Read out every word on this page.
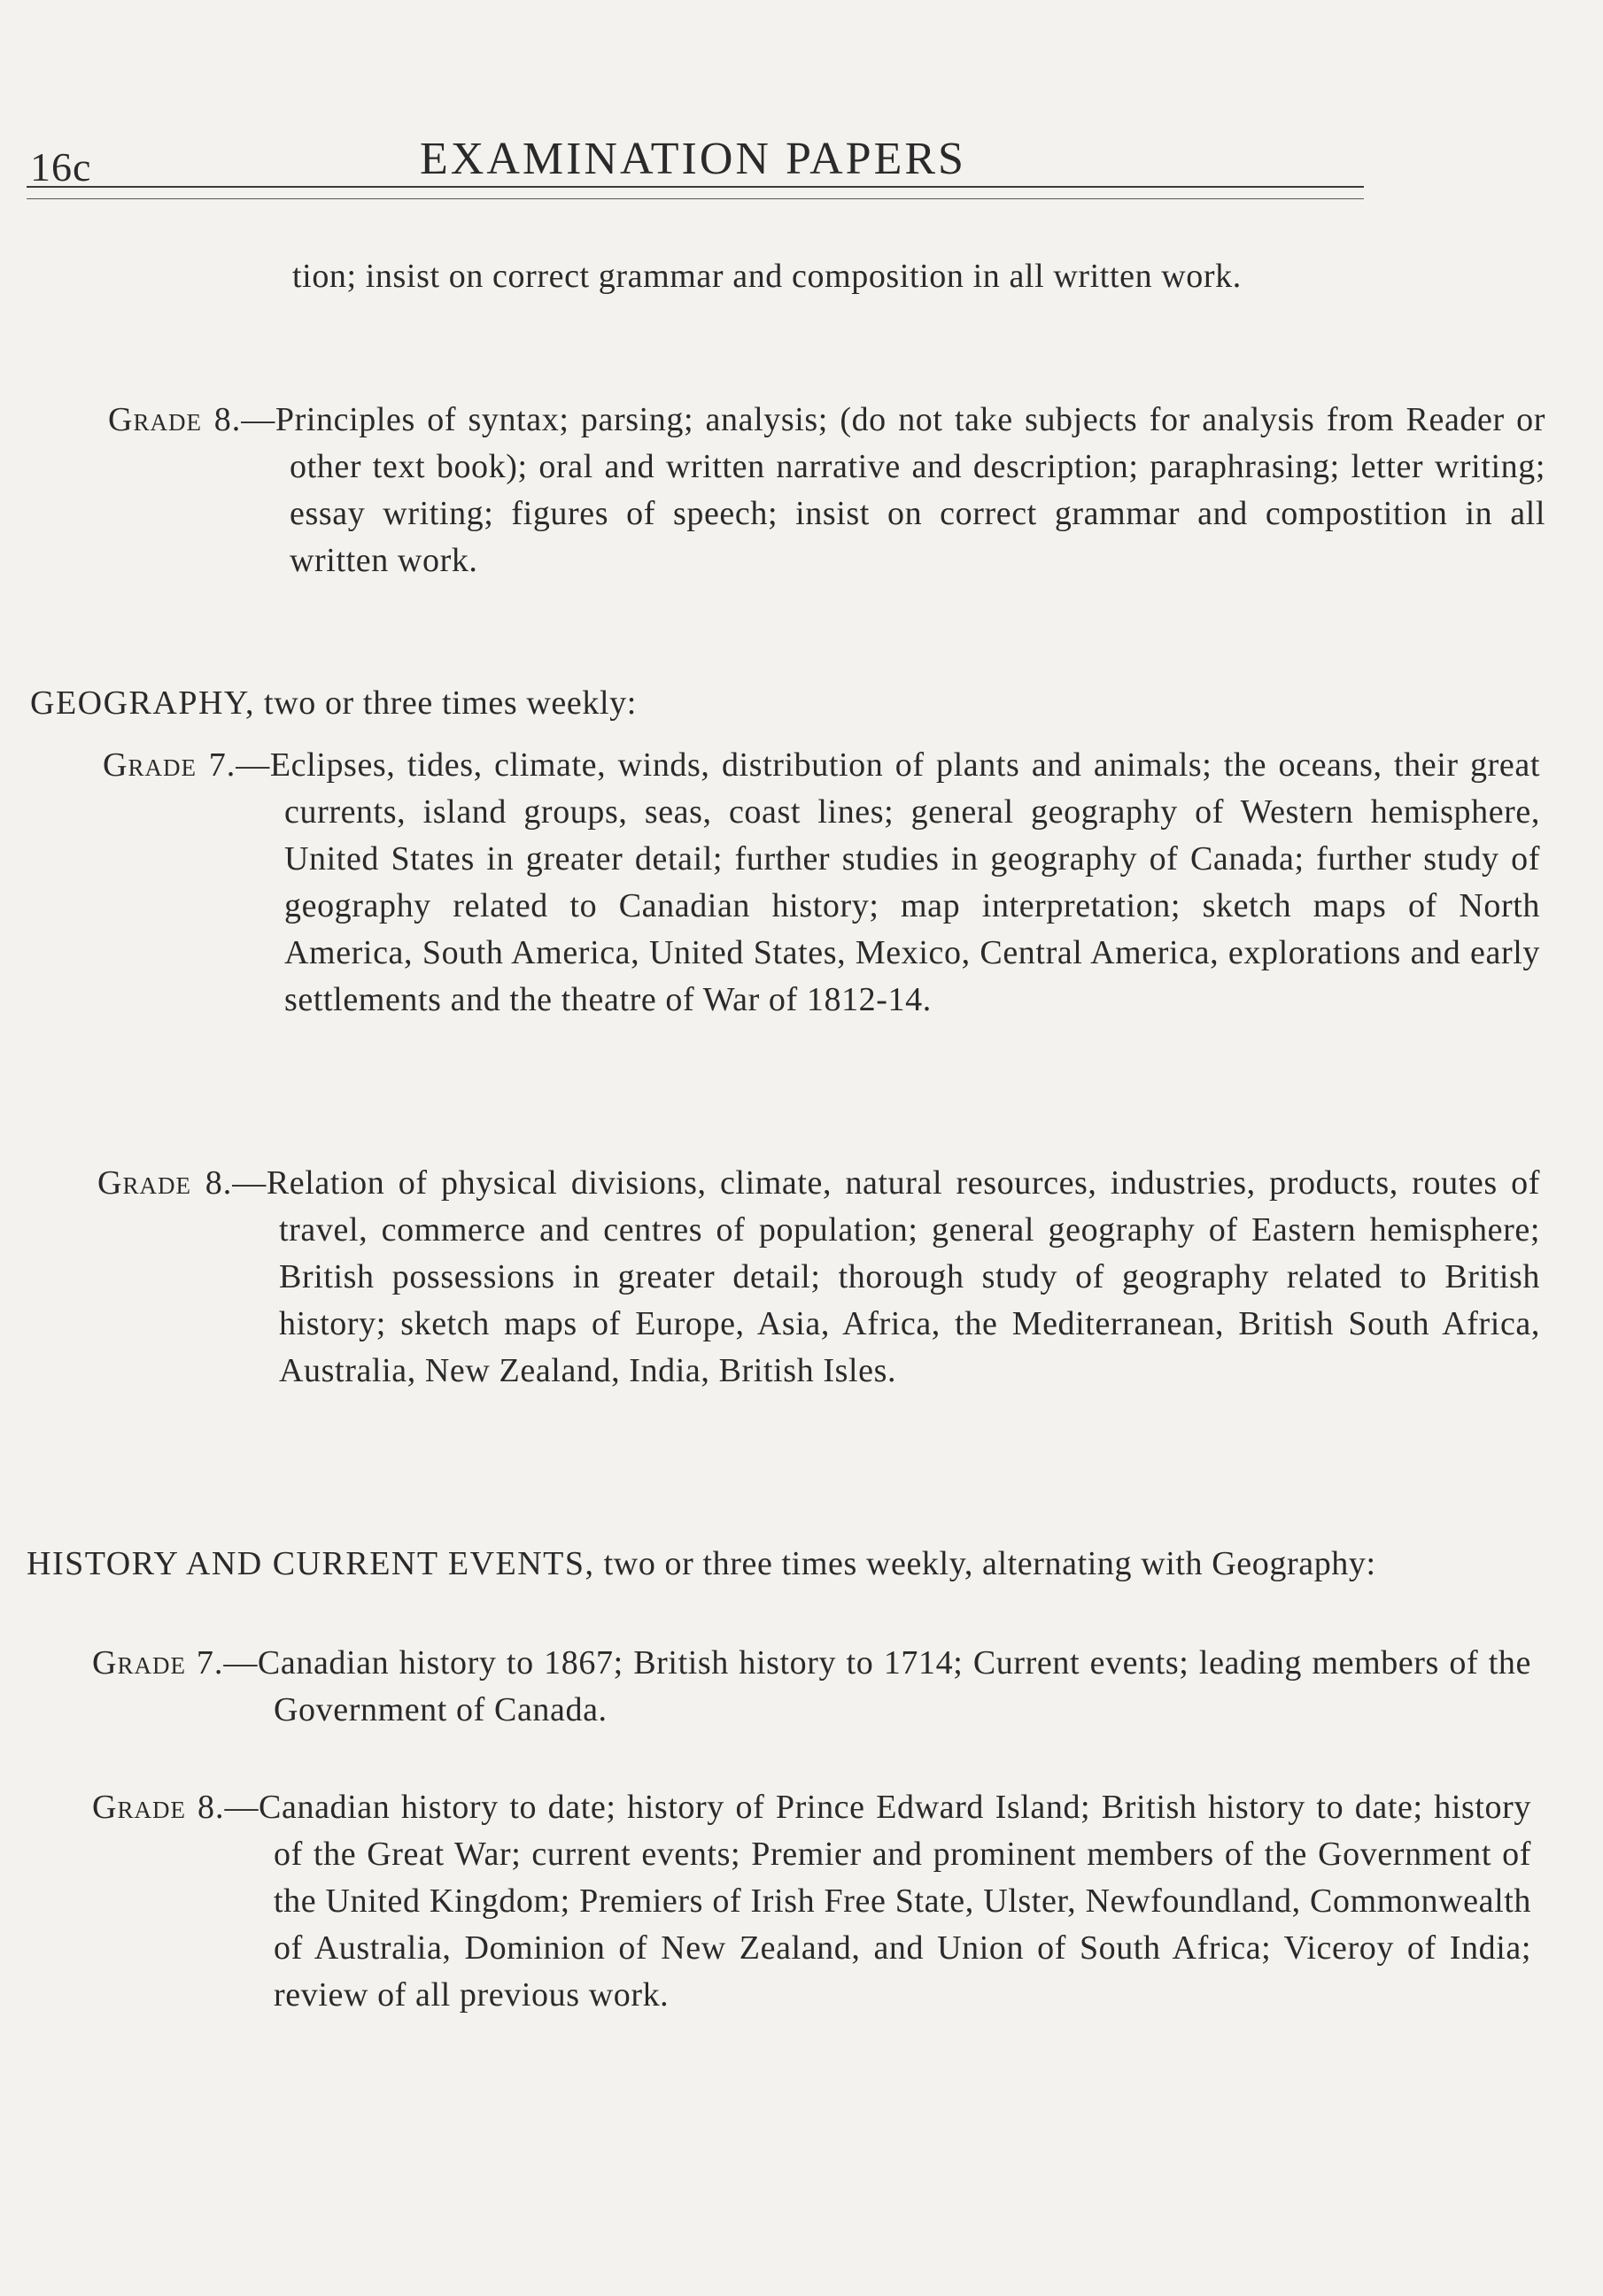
16c	EXAMINATION PAPERS
tion; insist on correct grammar and composition in all written work.
Grade 8.—Principles of syntax; parsing; analysis; (do not take subjects for analysis from Reader or other text book); oral and written narrative and description; paraphrasing; letter writing; essay writing; figures of speech; insist on correct grammar and compostition in all written work.
GEOGRAPHY, two or three times weekly:
Grade 7.—Eclipses, tides, climate, winds, distribution of plants and animals; the oceans, their great currents, island groups, seas, coast lines; general geography of Western hemisphere, United States in greater detail; further studies in geography of Canada; further study of geography related to Canadian history; map interpretation; sketch maps of North America, South America, United States, Mexico, Central America, explorations and early settlements and the theatre of War of 1812-14.
Grade 8.—Relation of physical divisions, climate, natural resources, industries, products, routes of travel, commerce and centres of population; general geography of Eastern hemisphere; British possessions in greater detail; thorough study of geography related to British history; sketch maps of Europe, Asia, Africa, the Mediterranean, British South Africa, Australia, New Zealand, India, British Isles.
HISTORY AND CURRENT EVENTS, two or three times weekly, alternating with Geography:
Grade 7.—Canadian history to 1867; British history to 1714; Current events; leading members of the Government of Canada.
Grade 8.—Canadian history to date; history of Prince Edward Island; British history to date; history of the Great War; current events; Premier and prominent members of the Government of the United Kingdom; Premiers of Irish Free State, Ulster, Newfoundland, Commonwealth of Australia, Dominion of New Zealand, and Union of South Africa; Viceroy of India; review of all previous work.
